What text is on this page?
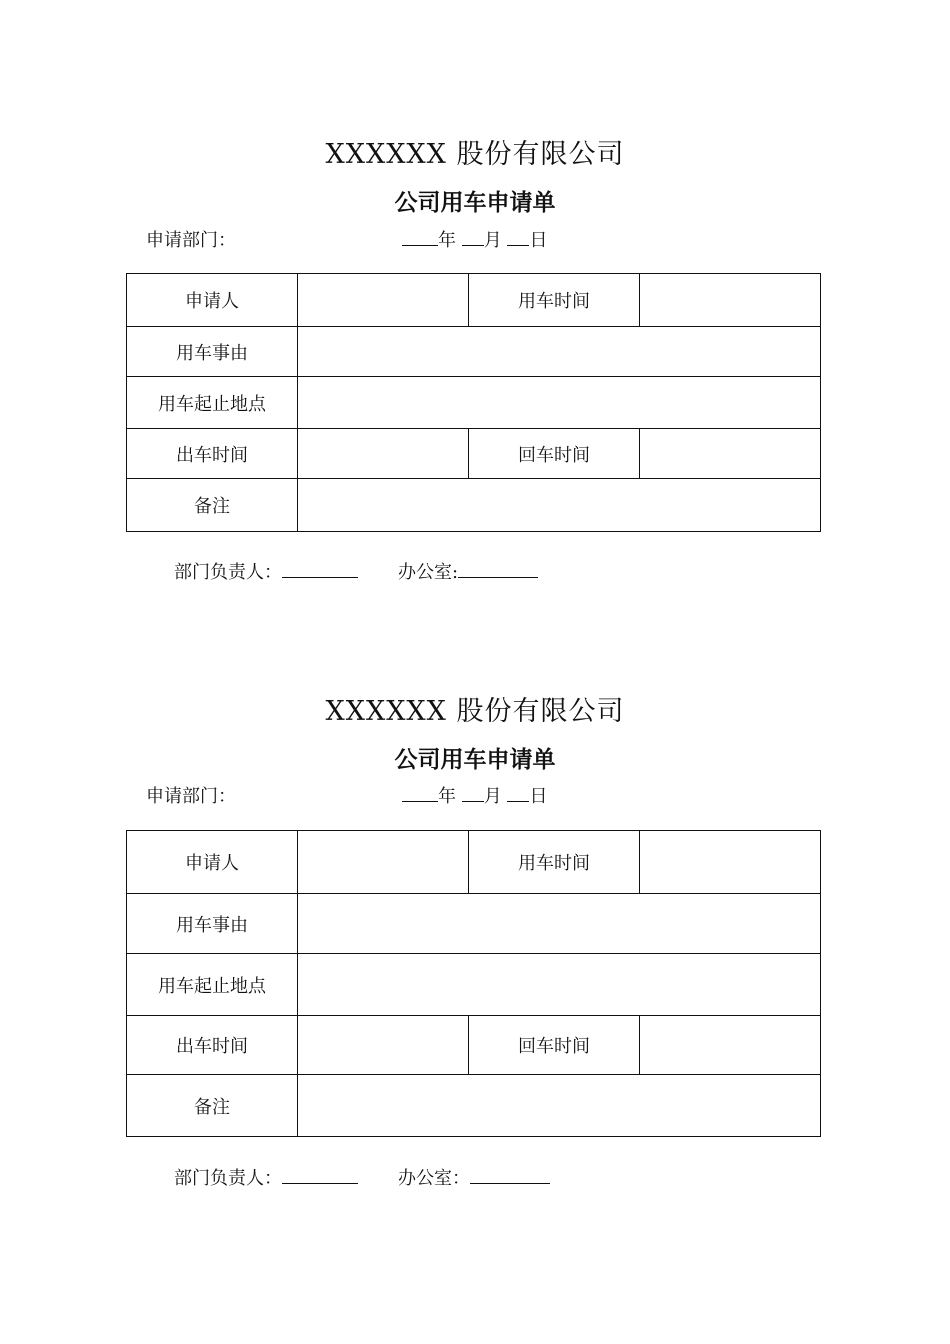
XXXXXX 股份有限公司
公司用车申请单
申请部门：	年 月 日
申请人		用车时间	
用车事由			
用车起止地点			
出车时间		回车时间	
备注			
部门负责人：	办公室:
XXXXXX 股份有限公司
公司用车申请单
申请部门：	年 月 日
申请人		用车时间	
用车事由			
用车起止地点			
出车时间		回车时间	
备注			
部门负责人：	办公室：
